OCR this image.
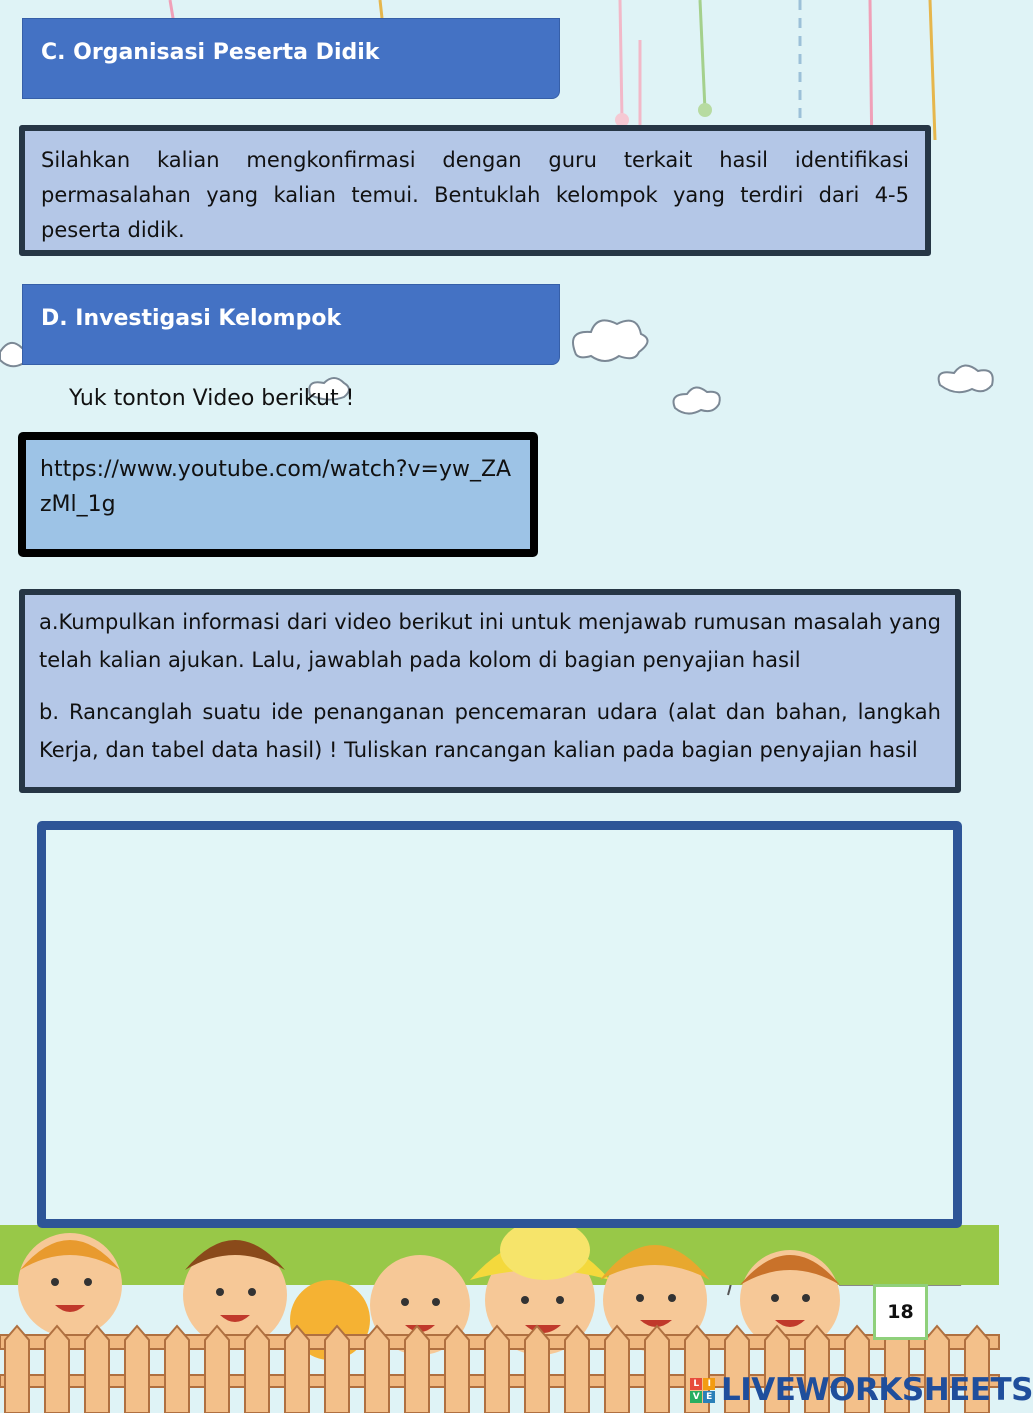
C. Organisasi Peserta Didik
Silahkan kalian mengkonfirmasi dengan guru terkait hasil identifikasi permasalahan yang kalian temui. Bentuklah kelompok yang terdiri dari 4-5 peserta didik.
D. Investigasi Kelompok
Yuk tonton Video berikut !
https://www.youtube.com/watch?v=yw_ZAzMl_1g

a.Kumpulkan informasi dari video berikut ini untuk menjawab rumusan masalah yang telah kalian ajukan. Lalu, jawablah pada kolom di bagian penyajian hasil

b. Rancanglah suatu ide penanganan pencemaran udara (alat dan bahan, langkah Kerja, dan tabel data hasil) ! Tuliskan rancangan kalian pada bagian penyajian hasil

18
L I
V E LIVEWORKSHEETS
